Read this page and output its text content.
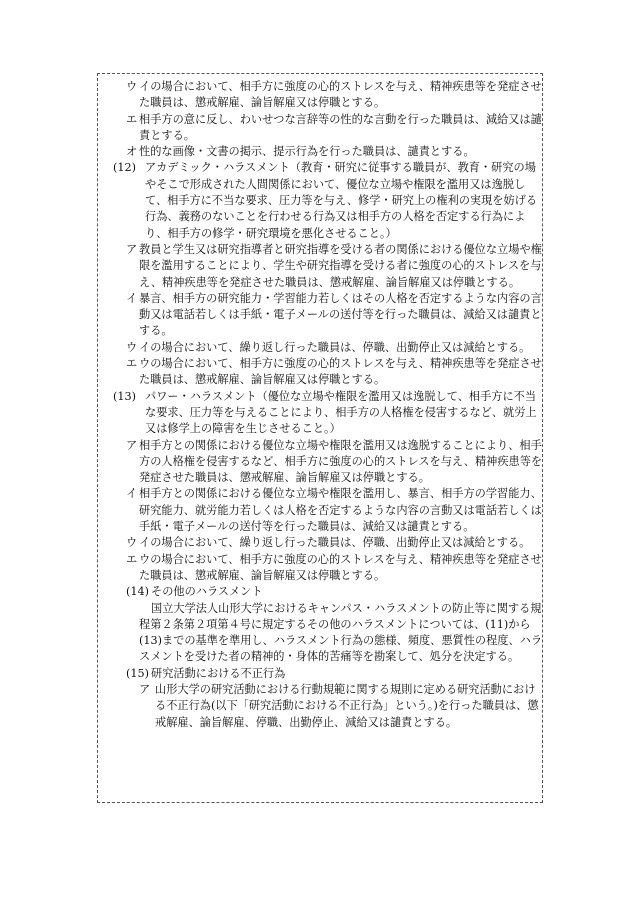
ウ イの場合において、相手方に強度の心的ストレスを与え、精神疾患等を発症させた職員は、懲戒解雇、論旨解雇又は停職とする。

エ 相手方の意に反し、わいせつな言辞等の性的な言動を行った職員は、減給又は譴責とする。

オ 性的な画像・文書の掲示、提示行為を行った職員は、譴責とする。

(12) アカデミック・ハラスメント（教育・研究に従事する職員が、教育・研究の場やそこで形成された人間関係において、優位な立場や権限を濫用又は逸脱して、相手方に不当な要求、圧力等を与え、修学・研究上の権利の実現を妨げる行為、義務のないことを行わせる行為又は相手方の人格を否定する行為により、相手方の修学・研究環境を悪化させること。）

ア 教員と学生又は研究指導者と研究指導を受ける者の関係における優位な立場や権限を濫用することにより、学生や研究指導を受ける者に強度の心的ストレスを与え、精神疾患等を発症させた職員は、懲戒解雇、論旨解雇又は停職とする。

イ 暴言、相手方の研究能力・学習能力若しくはその人格を否定するような内容の言動又は電話若しくは手紙・電子メールの送付等を行った職員は、減給又は譴責とする。

ウ イの場合において、繰り返し行った職員は、停職、出勤停止又は減給とする。

エ ウの場合において、相手方に強度の心的ストレスを与え、精神疾患等を発症させた職員は、懲戒解雇、論旨解雇又は停職とする。

(13) パワー・ハラスメント（優位な立場や権限を濫用又は逸脱して、相手方に不当な要求、圧力等を与えることにより、相手方の人格権を侵害するなど、就労上又は修学上の障害を生じさせること。）

ア 相手方との関係における優位な立場や権限を濫用又は逸脱することにより、相手方の人格権を侵害するなど、相手方に強度の心的ストレスを与え、精神疾患等を発症させた職員は、懲戒解雇、論旨解雇又は停職とする。

イ 相手方との関係における優位な立場や権限を濫用し、暴言、相手方の学習能力、研究能力、就労能力若しくは人格を否定するような内容の言動又は電話若しくは手紙・電子メールの送付等を行った職員は、減給又は譴責とする。

ウ イの場合において、繰り返し行った職員は、停職、出勤停止又は減給とする。

エ ウの場合において、相手方に強度の心的ストレスを与え、精神疾患等を発症させた職員は、懲戒解雇、論旨解雇又は停職とする。

(14) その他のハラスメント

国立大学法人山形大学におけるキャンパス・ハラスメントの防止等に関する規程第２条第２項第４号に規定するその他のハラスメントについては、(11)から(13)までの基準を準用し、ハラスメント行為の態様、頻度、悪質性の程度、ハラスメントを受けた者の精神的・身体的苦痛等を勘案して、処分を決定する。

(15) 研究活動における不正行為

ア 山形大学の研究活動における行動規範に関する規則に定める研究活動における不正行為(以下「研究活動における不正行為」という。)を行った職員は、懲戒解雇、論旨解雇、停職、出勤停止、減給又は譴責とする。
